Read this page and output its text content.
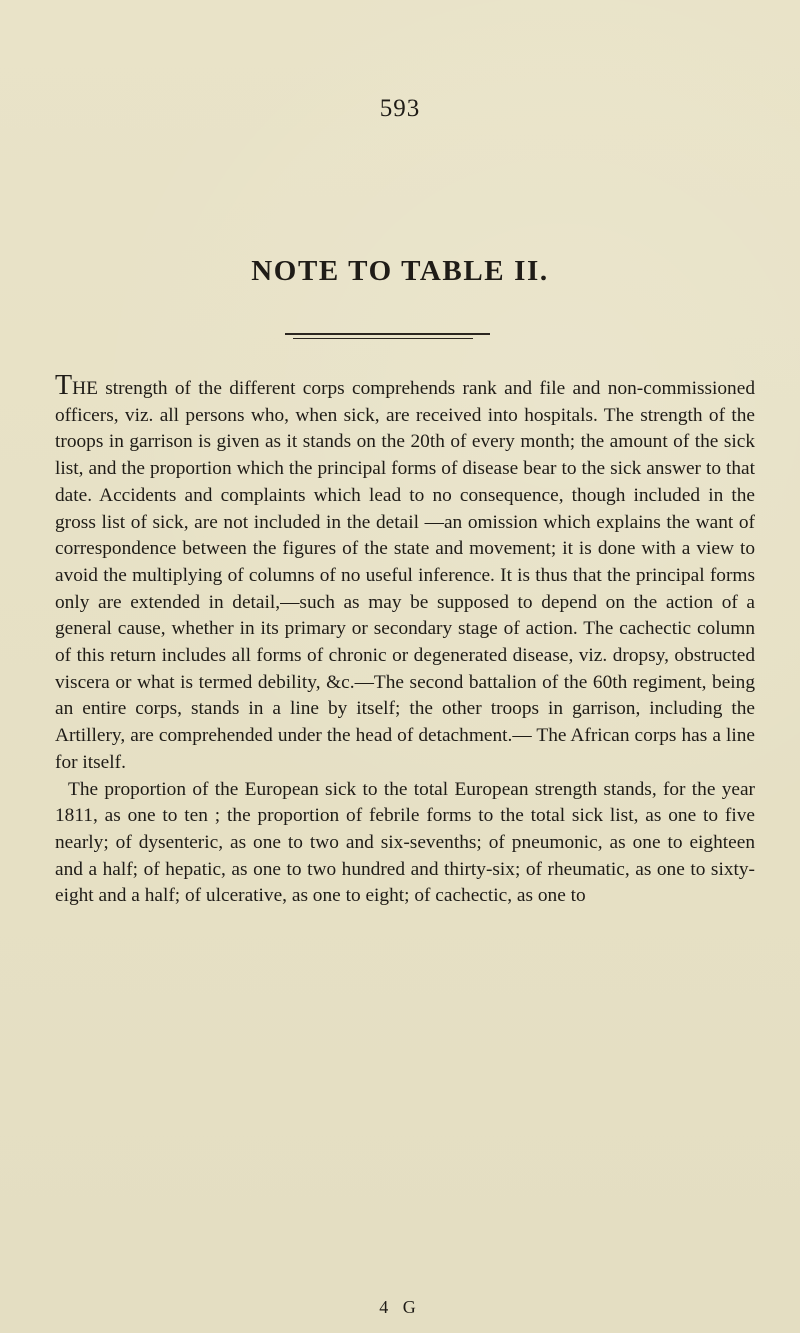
593
NOTE TO TABLE II.

THE strength of the different corps comprehends rank and file and non-commissioned officers, viz. all persons who, when sick, are received into hospitals. The strength of the troops in garrison is given as it stands on the 20th of every month; the amount of the sick list, and the proportion which the principal forms of disease bear to the sick answer to that date. Accidents and complaints which lead to no consequence, though included in the gross list of sick, are not included in the detail —an omission which explains the want of correspondence between the figures of the state and movement; it is done with a view to avoid the multiplying of columns of no useful inference. It is thus that the principal forms only are extended in detail,—such as may be supposed to depend on the action of a general cause, whether in its primary or secondary stage of action. The cachectic column of this return includes all forms of chronic or degenerated disease, viz. dropsy, obstructed viscera or what is termed debility, &c.—The second battalion of the 60th regiment, being an entire corps, stands in a line by itself; the other troops in garrison, including the Artillery, are comprehended under the head of detachment.— The African corps has a line for itself.

The proportion of the European sick to the total European strength stands, for the year 1811, as one to ten ; the proportion of febrile forms to the total sick list, as one to five nearly; of dysenteric, as one to two and six-sevenths; of pneumonic, as one to eighteen and a half; of hepatic, as one to two hundred and thirty-six; of rheumatic, as one to sixty-eight and a half; of ulcerative, as one to eight; of cachectic, as one to

4 G
